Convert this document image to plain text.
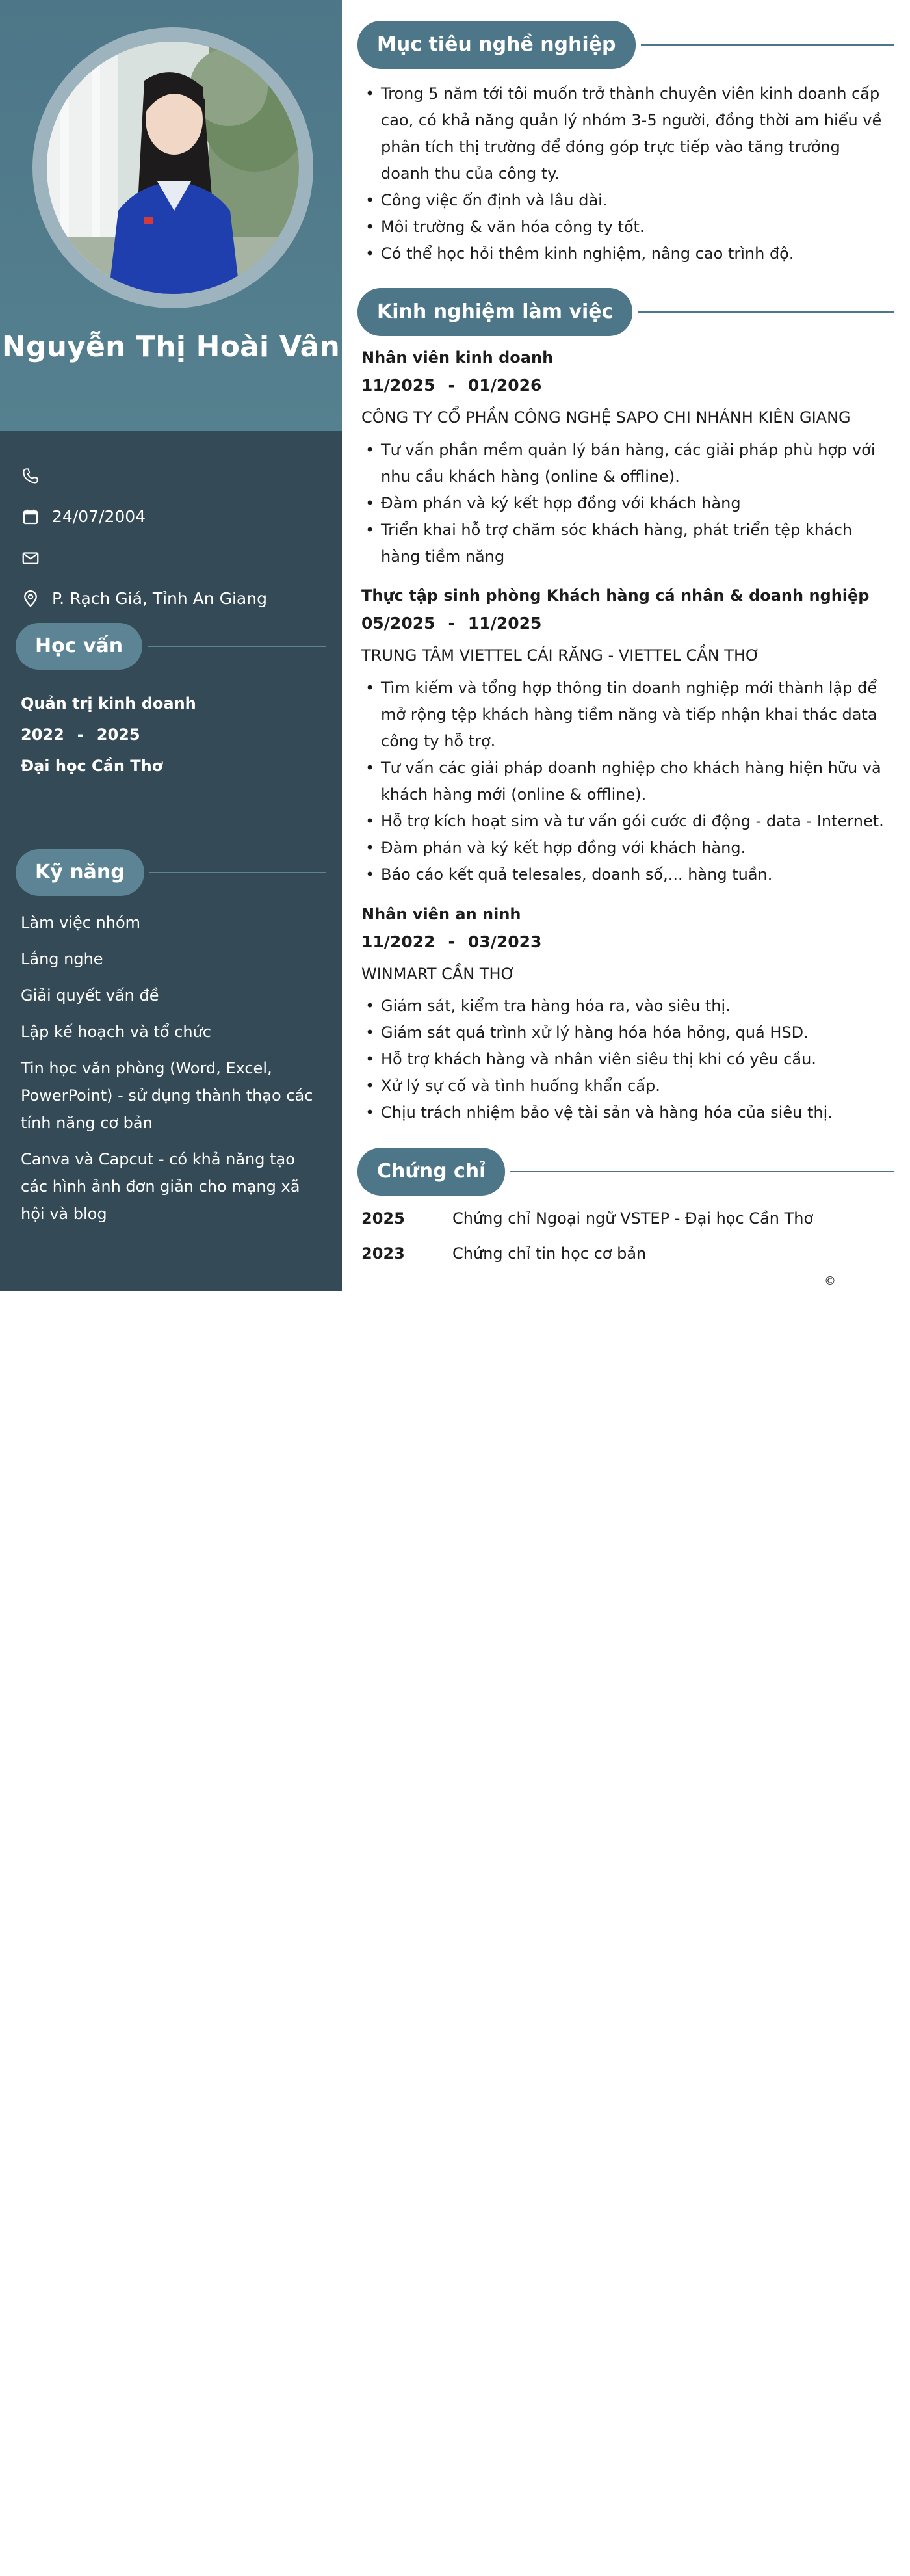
Nguyễn Thị Hoài Vân
24/07/2004
P. Rạch Giá, Tỉnh An Giang
Học vấn
Quản trị kinh doanh
2022 - 2025
Đại học Cần Thơ
Kỹ năng
Làm việc nhóm
Lắng nghe
Giải quyết vấn đề
Lập kế hoạch và tổ chức
Tin học văn phòng (Word, Excel, PowerPoint) - sử dụng thành thạo các tính năng cơ bản
Canva và Capcut - có khả năng tạo các hình ảnh đơn giản cho mạng xã hội và blog
Mục tiêu nghề nghiệp
• Trong 5 năm tới tôi muốn trở thành chuyên viên kinh doanh cấp cao, có khả năng quản lý nhóm 3-5 người, đồng thời am hiểu về phân tích thị trường để đóng góp trực tiếp vào tăng trưởng doanh thu của công ty.
• Công việc ổn định và lâu dài.
• Môi trường & văn hóa công ty tốt.
• Có thể học hỏi thêm kinh nghiệm, nâng cao trình độ.
Kinh nghiệm làm việc
Nhân viên kinh doanh
11/2025 - 01/2026
CÔNG TY CỔ PHẦN CÔNG NGHỆ SAPO CHI NHÁNH KIÊN GIANG
• Tư vấn phần mềm quản lý bán hàng, các giải pháp phù hợp với nhu cầu khách hàng (online & offline).
• Đàm phán và ký kết hợp đồng với khách hàng
• Triển khai hỗ trợ chăm sóc khách hàng, phát triển tệp khách hàng tiềm năng
Thực tập sinh phòng Khách hàng cá nhân & doanh nghiệp
05/2025 - 11/2025
TRUNG TÂM VIETTEL CÁI RĂNG - VIETTEL CẦN THƠ
• Tìm kiếm và tổng hợp thông tin doanh nghiệp mới thành lập để mở rộng tệp khách hàng tiềm năng và tiếp nhận khai thác data công ty hỗ trợ.
• Tư vấn các giải pháp doanh nghiệp cho khách hàng hiện hữu và khách hàng mới (online & offline).
• Hỗ trợ kích hoạt sim và tư vấn gói cước di động - data - Internet.
• Đàm phán và ký kết hợp đồng với khách hàng.
• Báo cáo kết quả telesales, doanh số,... hàng tuần.
Nhân viên an ninh
11/2022 - 03/2023
WINMART CẦN THƠ
• Giám sát, kiểm tra hàng hóa ra, vào siêu thị.
• Giám sát quá trình xử lý hàng hóa hóa hỏng, quá HSD.
• Hỗ trợ khách hàng và nhân viên siêu thị khi có yêu cầu.
• Xử lý sự cố và tình huống khẩn cấp.
• Chịu trách nhiệm bảo vệ tài sản và hàng hóa của siêu thị.
Chứng chỉ
2025	Chứng chỉ Ngoại ngữ VSTEP - Đại học Cần Thơ
2023	Chứng chỉ tin học cơ bản
©
